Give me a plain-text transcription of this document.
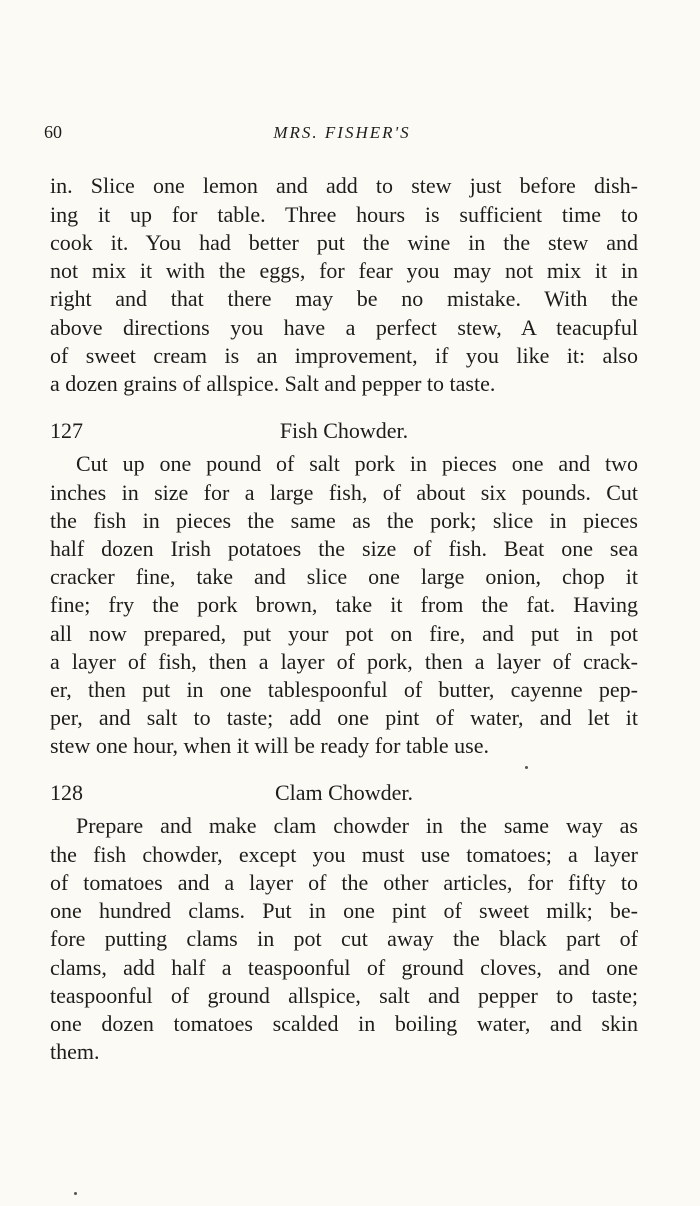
60	MRS. FISHER'S
in. Slice one lemon and add to stew just before dish-
ing it up for table. Three hours is sufficient time to
cook it. You had better put the wine in the stew and
not mix it with the eggs, for fear you may not mix it in
right and that there may be no mistake. With the
above directions you have a perfect stew, A teacupful
of sweet cream is an improvement, if you like it: also
a dozen grains of allspice. Salt and pepper to taste.
127	Fish Chowder.
Cut up one pound of salt pork in pieces one and two
inches in size for a large fish, of about six pounds. Cut
the fish in pieces the same as the pork; slice in pieces
half dozen Irish potatoes the size of fish. Beat one sea
cracker fine, take and slice one large onion, chop it
fine; fry the pork brown, take it from the fat. Having
all now prepared, put your pot on fire, and put in pot
a layer of fish, then a layer of pork, then a layer of crack-
er, then put in one tablespoonful of butter, cayenne pep-
per, and salt to taste; add one pint of water, and let it
stew one hour, when it will be ready for table use.
128	Clam Chowder.
Prepare and make clam chowder in the same way as
the fish chowder, except you must use tomatoes; a layer
of tomatoes and a layer of the other articles, for fifty to
one hundred clams. Put in one pint of sweet milk; be-
fore putting clams in pot cut away the black part of
clams, add half a teaspoonful of ground cloves, and one
teaspoonful of ground allspice, salt and pepper to taste;
one dozen tomatoes scalded in boiling water, and skin
them.
